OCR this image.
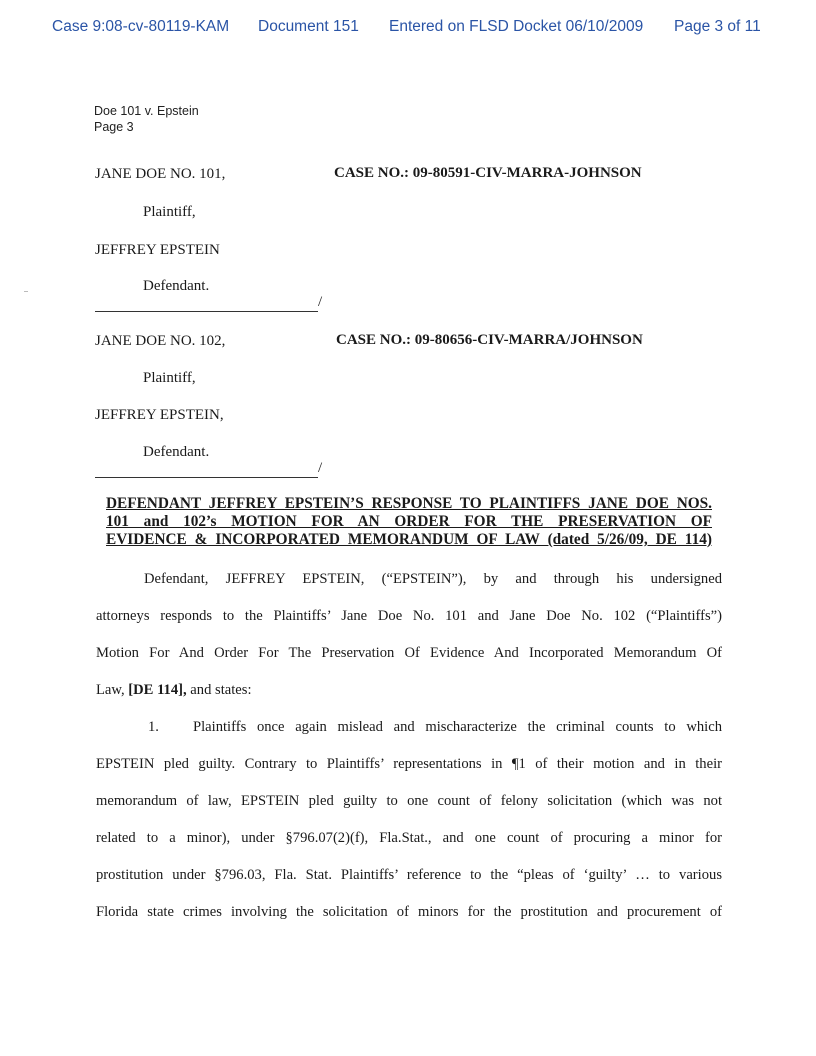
Case 9:08-cv-80119-KAM Document 151 Entered on FLSD Docket 06/10/2009 Page 3 of 11
Doe 101 v. Epstein
Page 3
JANE DOE NO. 101,	CASE NO.: 09-80591-CIV-MARRA-JOHNSON
Plaintiff,
JEFFREY EPSTEIN
Defendant.
/
JANE DOE NO. 102,	CASE NO.: 09-80656-CIV-MARRA/JOHNSON
Plaintiff,
JEFFREY EPSTEIN,
Defendant.
/
DEFENDANT JEFFREY EPSTEIN’S RESPONSE TO PLAINTIFFS JANE DOE NOS.
101 and 102’s MOTION FOR AN ORDER FOR THE PRESERVATION OF
EVIDENCE & INCORPORATED MEMORANDUM OF LAW (dated 5/26/09, DE 114)
Defendant, JEFFREY EPSTEIN, (“EPSTEIN”), by and through his undersigned
attorneys responds to the Plaintiffs’ Jane Doe No. 101 and Jane Doe No. 102 (“Plaintiffs”)
Motion For And Order For The Preservation Of Evidence And Incorporated Memorandum Of
Law, [DE 114], and states:
1. Plaintiffs once again mislead and mischaracterize the criminal counts to which
EPSTEIN pled guilty. Contrary to Plaintiffs’ representations in ¶1 of their motion and in their
memorandum of law, EPSTEIN pled guilty to one count of felony solicitation (which was not
related to a minor), under §796.07(2)(f), Fla.Stat., and one count of procuring a minor for
prostitution under §796.03, Fla. Stat. Plaintiffs’ reference to the “pleas of ‘guilty’ … to various
Florida state crimes involving the solicitation of minors for the prostitution and procurement of
